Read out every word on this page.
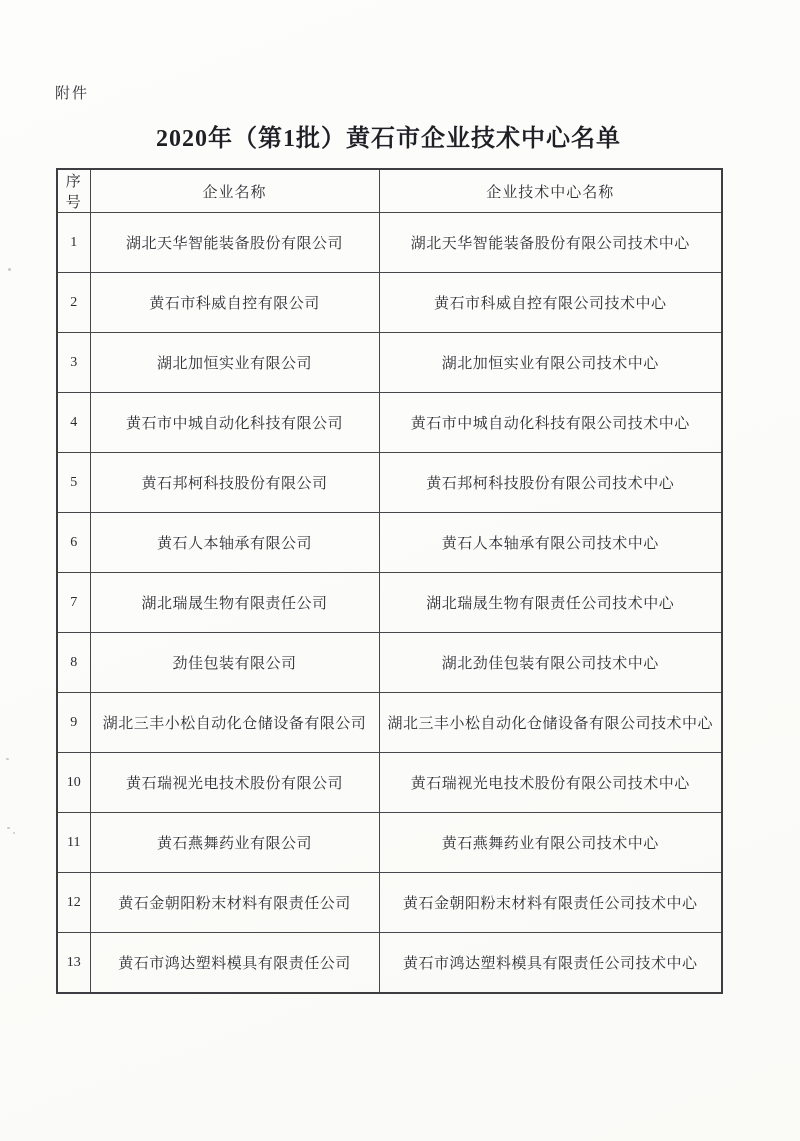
附件
2020年（第1批）黄石市企业技术中心名单
序号	企业名称	企业技术中心名称
1	湖北天华智能装备股份有限公司	湖北天华智能装备股份有限公司技术中心
2	黄石市科威自控有限公司	黄石市科威自控有限公司技术中心
3	湖北加恒实业有限公司	湖北加恒实业有限公司技术中心
4	黄石市中城自动化科技有限公司	黄石市中城自动化科技有限公司技术中心
5	黄石邦柯科技股份有限公司	黄石邦柯科技股份有限公司技术中心
6	黄石人本轴承有限公司	黄石人本轴承有限公司技术中心
7	湖北瑞晟生物有限责任公司	湖北瑞晟生物有限责任公司技术中心
8	劲佳包装有限公司	湖北劲佳包装有限公司技术中心
9	湖北三丰小松自动化仓储设备有限公司	湖北三丰小松自动化仓储设备有限公司技术中心
10	黄石瑞视光电技术股份有限公司	黄石瑞视光电技术股份有限公司技术中心
11	黄石燕舞药业有限公司	黄石燕舞药业有限公司技术中心
12	黄石金朝阳粉末材料有限责任公司	黄石金朝阳粉末材料有限责任公司技术中心
13	黄石市鸿达塑料模具有限责任公司	黄石市鸿达塑料模具有限责任公司技术中心
